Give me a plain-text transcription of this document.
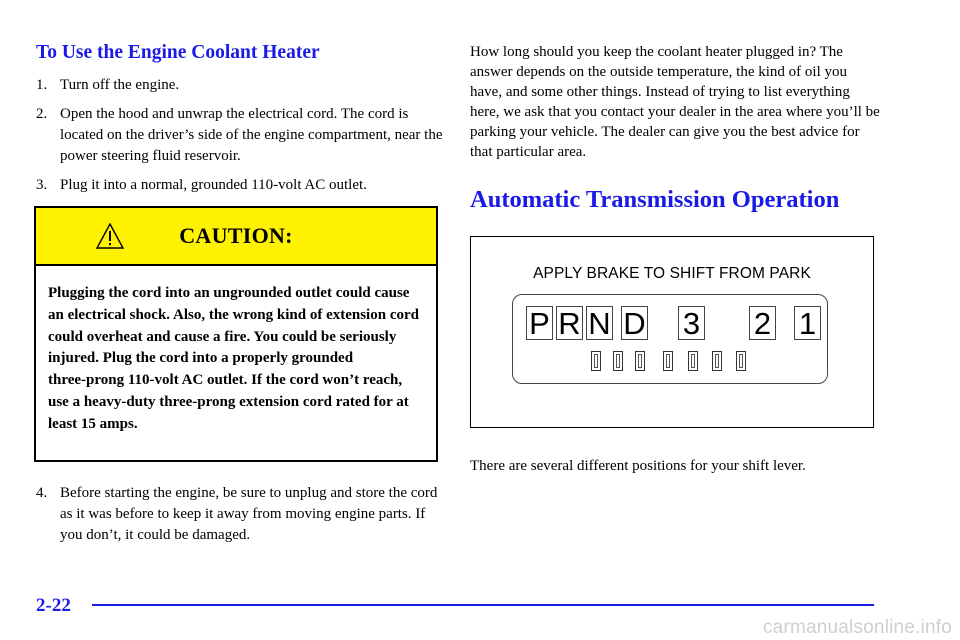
To Use the Engine Coolant Heater
1. Turn off the engine.
2. Open the hood and unwrap the electrical cord. The cord is located on the driver’s side of the engine compartment, near the power steering fluid reservoir.
3. Plug it into a normal, grounded 110‑volt AC outlet.
CAUTION:
Plugging the cord into an ungrounded outlet could cause an electrical shock. Also, the wrong kind of extension cord could overheat and cause a fire. You could be seriously injured. Plug the cord into a properly grounded three‑prong 110‑volt AC outlet. If the cord won’t reach, use a heavy‑duty three‑prong extension cord rated for at least 15 amps.
4. Before starting the engine, be sure to unplug and store the cord as it was before to keep it away from moving engine parts. If you don’t, it could be damaged.
How long should you keep the coolant heater plugged in? The answer depends on the outside temperature, the kind of oil you have, and some other things. Instead of trying to list everything here, we ask that you contact your dealer in the area where you’ll be parking your vehicle. The dealer can give you the best advice for that particular area.
Automatic Transmission Operation
APPLY BRAKE TO SHIFT FROM PARK
P R N D 3 2 1
There are several different positions for your shift lever.
2-22
carmanualsonline.info
